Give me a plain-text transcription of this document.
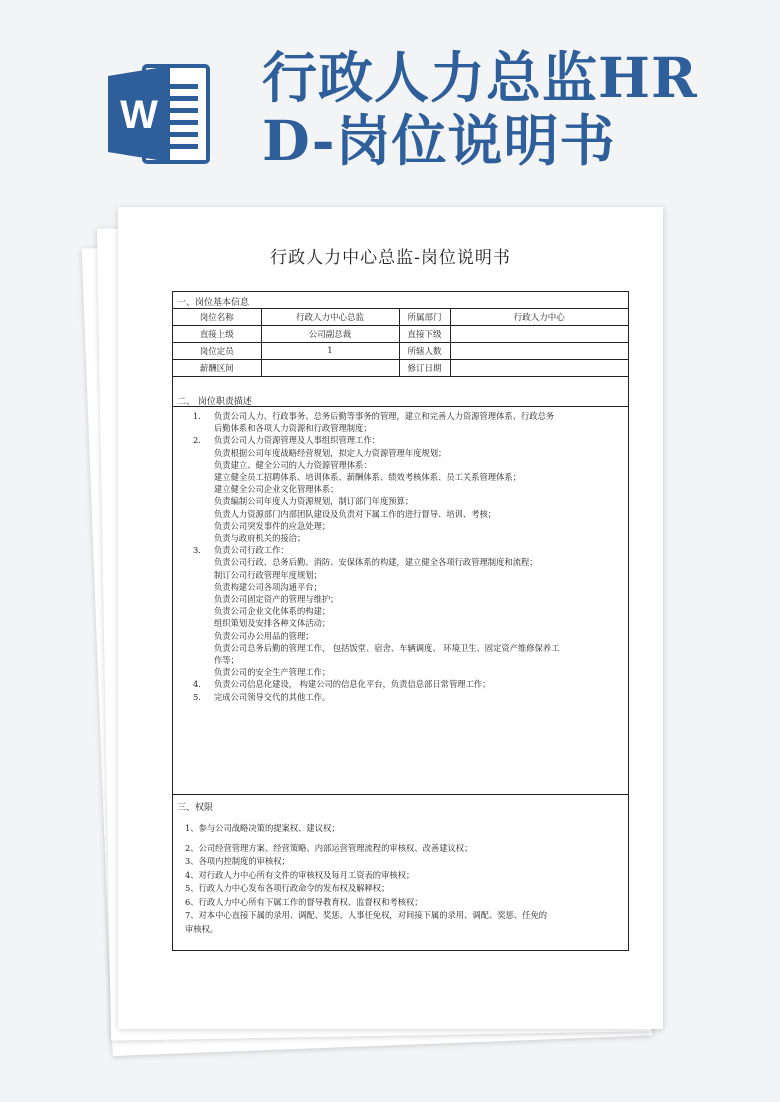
W
行政人力总监HR
D-岗位说明书
行政人力中心总监-岗位说明书
一、岗位基本信息
岗位名称	行政人力中心总监	所属部门	行政人力中心
直接上级	公司副总裁	直接下级	
岗位定员	1	所辖人数	
薪酬区间		修订日期	
二、 岗位职责描述
1.	负责公司人力、行政事务、总务后勤等事务的管理，建立和完善人力资源管理体系、行政总务
后勤体系和各项人力资源和行政管理制度；
2.	负责公司人力资源管理及人事组织管理工作：
负责根据公司年度战略经营规划，拟定人力资源管理年度规划；
负责建立、健全公司的人力资源管理体系：
建立健全员工招聘体系、培训体系、薪酬体系、绩效考核体系、员工关系管理体系；
建立健全公司企业文化管理体系；
负责编制公司年度人力资源规划，制订部门年度预算；
负责人力资源部门内部团队建设及负责对下属工作的进行督导、培训、考核；
负责公司突发事件的应急处理；
负责与政府机关的接洽；
3.	负责公司行政工作：
负责公司行政、总务后勤、消防、安保体系的构建，建立健全各项行政管理制度和流程；
制订公司行政管理年度规划；
负责构建公司各项沟通平台；
负责公司固定资产的管理与维护；
负责公司企业文化体系的构建；
组织策划及安排各种文体活动；
负责公司办公用品的管理；
负责公司总务后勤的管理工作， 包括饭堂、宿舍、车辆调度、 环境卫生、固定资产维修保养工
作等；
负责公司的安全生产管理工作；
4.	负责公司信息化建设， 构建公司的信息化平台，负责信息部日常管理工作；
5.	完成公司领导交代的其他工作。
三、权限
1、参与公司战略决策的提案权、建议权；
2、公司经营管理方案、经营策略、内部运营管理流程的审核权、改善建议权；
3、各项内控制度的审核权；
4、对行政人力中心所有文件的审核权及每月工资表的审核权；
5、行政人力中心发布各项行政命令的发布权及解释权；
6、行政人力中心所有下属工作的督导教育权、监督权和考核权；
7、对本中心直接下属的录用、调配、奖惩、人事任免权，对间接下属的录用、调配、奖惩、任免的
审核权。
